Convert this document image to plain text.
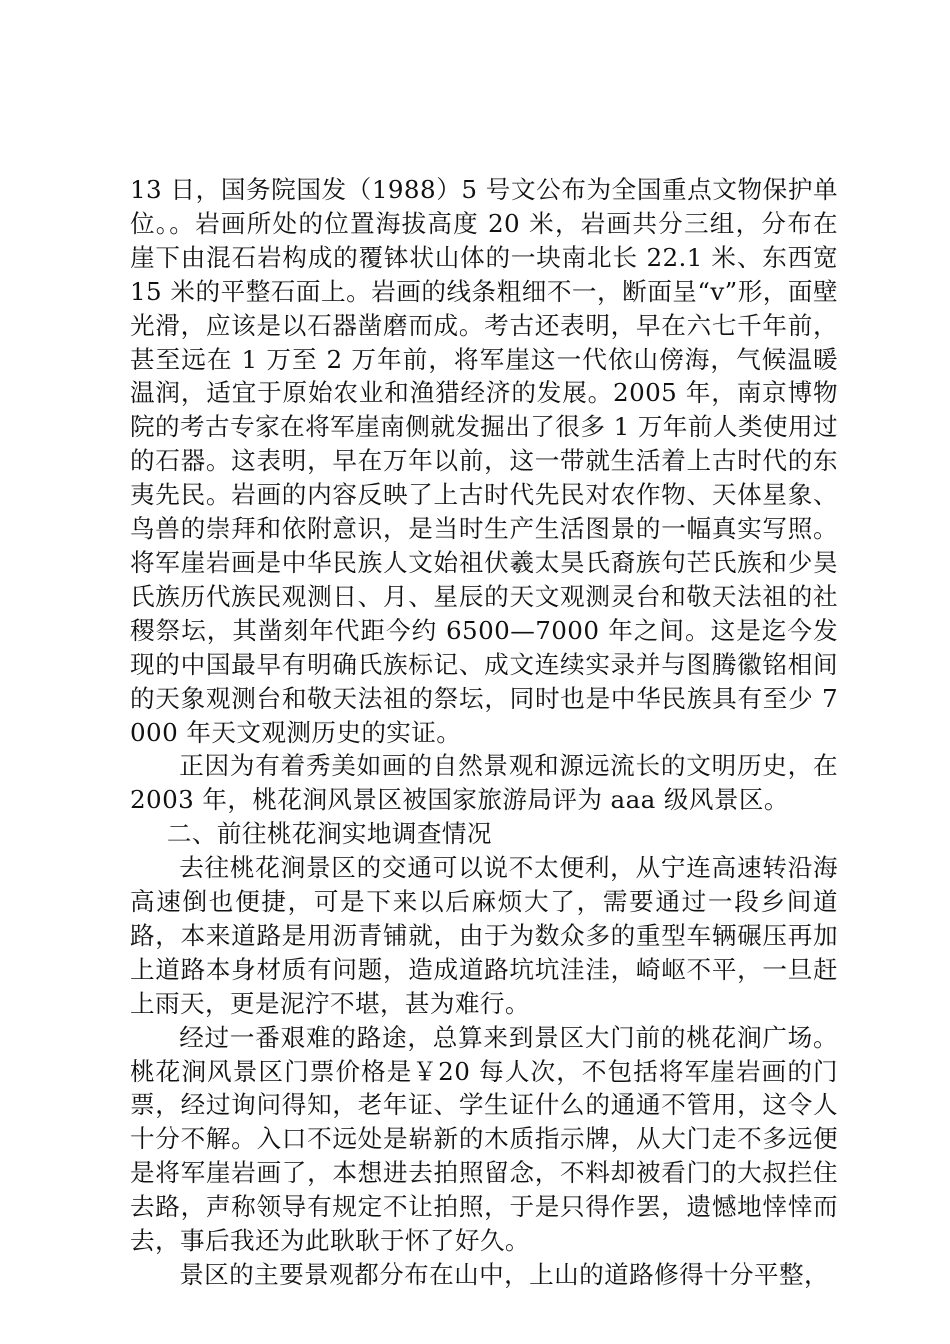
13 日，国务院国发（1988）5 号文公布为全国重点文物保护单位。。岩画所处的位置海拔高度 20 米，岩画共分三组，分布在崖下由混石岩构成的覆钵状山体的一块南北长 22.1 米、东西宽 15 米的平整石面上。岩画的线条粗细不一，断面呈“v”形，面壁光滑，应该是以石器凿磨而成。考古还表明，早在六七千年前，甚至远在 1 万至 2 万年前，将军崖这一代依山傍海，气候温暖温润，适宜于原始农业和渔猎经济的发展。2005 年，南京博物院的考古专家在将军崖南侧就发掘出了很多 1 万年前人类使用过的石器。这表明，早在万年以前，这一带就生活着上古时代的东夷先民。岩画的内容反映了上古时代先民对农作物、天体星象、鸟兽的崇拜和依附意识，是当时生产生活图景的一幅真实写照。将军崖岩画是中华民族人文始祖伏羲太昊氏裔族句芒氏族和少昊氏族历代族民观测日、月、星辰的天文观测灵台和敬天法祖的社稷祭坛，其凿刻年代距今约 6500—7000 年之间。这是迄今发现的中国最早有明确氏族标记、成文连续实录并与图腾徽铭相间的天象观测台和敬天法祖的祭坛，同时也是中华民族具有至少 7000 年天文观测历史的实证。

正因为有着秀美如画的自然景观和源远流长的文明历史，在 2003 年，桃花涧风景区被国家旅游局评为 aaa 级风景区。

二、前往桃花涧实地调查情况

去往桃花涧景区的交通可以说不太便利，从宁连高速转沿海高速倒也便捷，可是下来以后麻烦大了，需要通过一段乡间道路，本来道路是用沥青铺就，由于为数众多的重型车辆碾压再加上道路本身材质有问题，造成道路坑坑洼洼，崎岖不平，一旦赶上雨天，更是泥泞不堪，甚为难行。

经过一番艰难的路途，总算来到景区大门前的桃花涧广场。桃花涧风景区门票价格是￥20 每人次，不包括将军崖岩画的门票，经过询问得知，老年证、学生证什么的通通不管用，这令人十分不解。入口不远处是崭新的木质指示牌，从大门走不多远便是将军崖岩画了，本想进去拍照留念，不料却被看门的大叔拦住去路，声称领导有规定不让拍照，于是只得作罢，遗憾地悻悻而去，事后我还为此耿耿于怀了好久。

景区的主要景观都分布在山中，上山的道路修得十分平整，
